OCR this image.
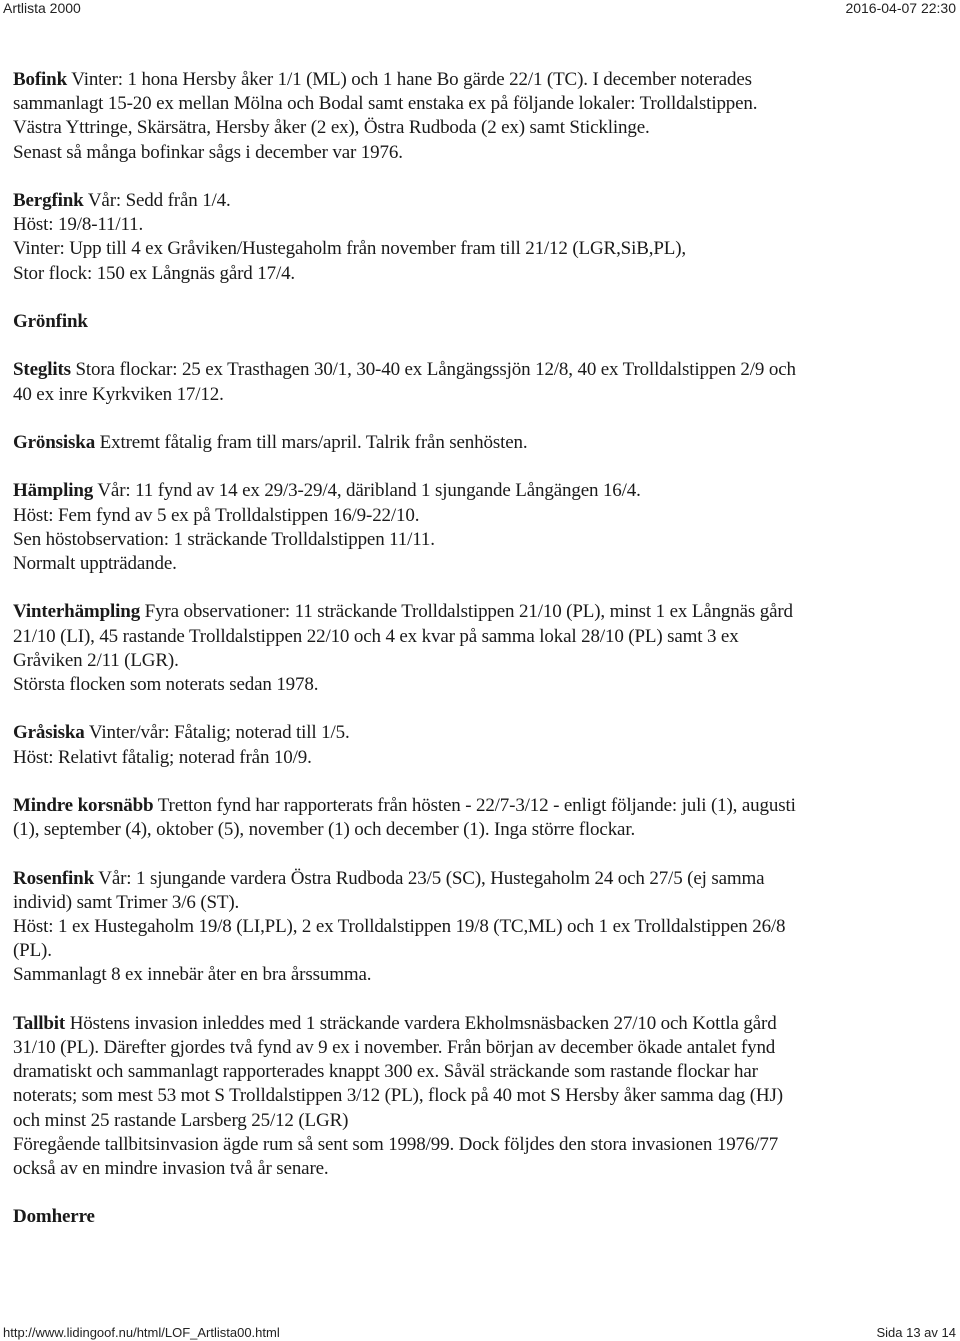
Artlista 2000	2016-04-07 22:30
Bofink Vinter: 1 hona Hersby åker 1/1 (ML) och 1 hane Bo gärde 22/1 (TC). I december noterades
sammanlagt 15-20 ex mellan Mölna och Bodal samt enstaka ex på följande lokaler: Trolldalstippen.
Västra Yttringe, Skärsätra, Hersby åker (2 ex), Östra Rudboda (2 ex) samt Sticklinge.
Senast så många bofinkar sågs i december var 1976.
Bergfink Vår: Sedd från 1/4.
Höst: 19/8-11/11.
Vinter: Upp till 4 ex Gråviken/Hustegaholm från november fram till 21/12 (LGR,SiB,PL),
Stor flock: 150 ex Långnäs gård 17/4.
Grönfink
Steglits Stora flockar: 25 ex Trasthagen 30/1, 30-40 ex Långängssjön 12/8, 40 ex Trolldalstippen 2/9 och
40 ex inre Kyrkviken 17/12.
Grönsiska Extremt fåtalig fram till mars/april. Talrik från senhösten.
Hämpling Vår: 11 fynd av 14 ex 29/3-29/4, däribland 1 sjungande Långängen 16/4.
Höst: Fem fynd av 5 ex på Trolldalstippen 16/9-22/10.
Sen höstobservation: 1 sträckande Trolldalstippen 11/11.
Normalt uppträdande.
Vinterhämpling Fyra observationer: 11 sträckande Trolldalstippen 21/10 (PL), minst 1 ex Långnäs gård
21/10 (LI), 45 rastande Trolldalstippen 22/10 och 4 ex kvar på samma lokal 28/10 (PL) samt 3 ex
Gråviken 2/11 (LGR).
Största flocken som noterats sedan 1978.
Gråsiska Vinter/vår: Fåtalig; noterad till 1/5.
Höst: Relativt fåtalig; noterad från 10/9.
Mindre korsnäbb Tretton fynd har rapporterats från hösten - 22/7-3/12 - enligt följande: juli (1), augusti
(1), september (4), oktober (5), november (1) och december (1). Inga större flockar.
Rosenfink Vår: 1 sjungande vardera Östra Rudboda 23/5 (SC), Hustegaholm 24 och 27/5 (ej samma
individ) samt Trimer 3/6 (ST).
Höst: 1 ex Hustegaholm 19/8 (LI,PL), 2 ex Trolldalstippen 19/8 (TC,ML) och 1 ex Trolldalstippen 26/8
(PL).
Sammanlagt 8 ex innebär åter en bra årssumma.
Tallbit Höstens invasion inleddes med 1 sträckande vardera Ekholmsnäsbacken 27/10 och Kottla gård
31/10 (PL). Därefter gjordes två fynd av 9 ex i november. Från början av december ökade antalet fynd
dramatiskt och sammanlagt rapporterades knappt 300 ex. Såväl sträckande som rastande flockar har
noterats; som mest 53 mot S Trolldalstippen 3/12 (PL), flock på 40 mot S Hersby åker samma dag (HJ)
och minst 25 rastande Larsberg 25/12 (LGR)
Föregående tallbitsinvasion ägde rum så sent som 1998/99. Dock följdes den stora invasionen 1976/77
också av en mindre invasion två år senare.
Domherre
http://www.lidingoof.nu/html/LOF_Artlista00.html	Sida 13 av 14
